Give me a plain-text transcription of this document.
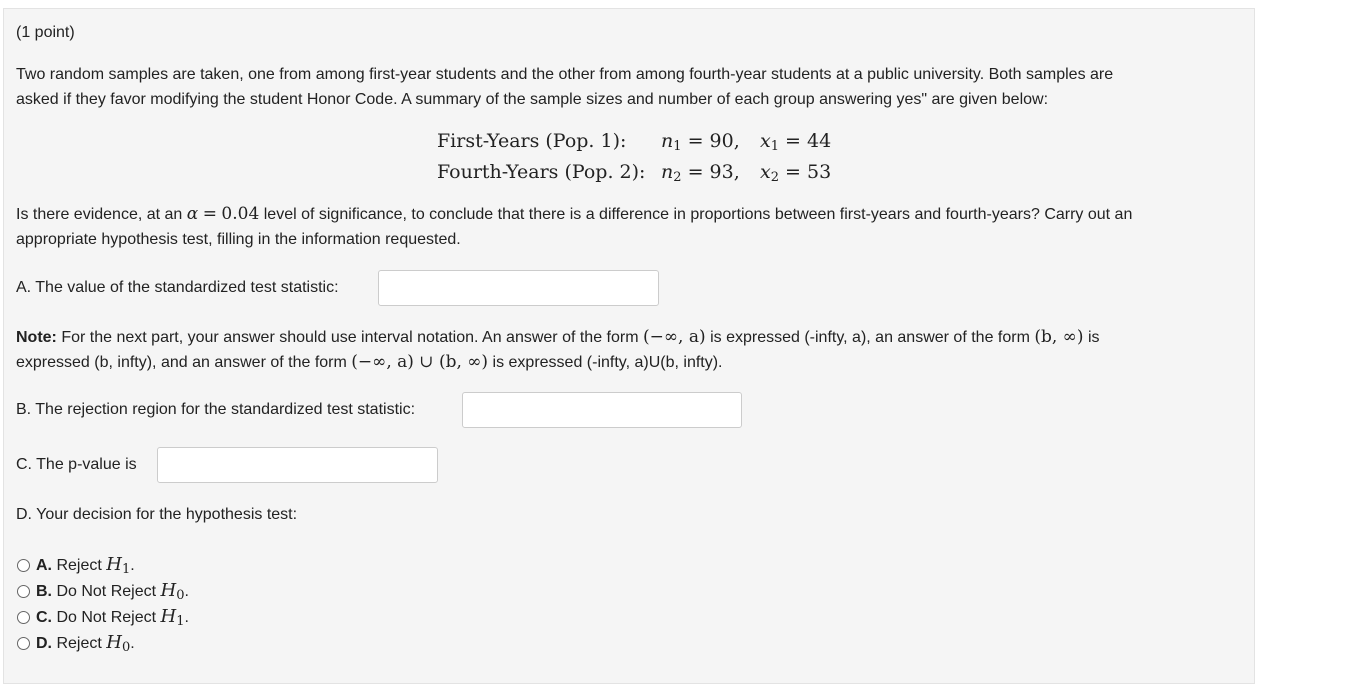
(1 point)
Two random samples are taken, one from among first-year students and the other from among fourth-year students at a public university. Both samples are
asked if they favor modifying the student Honor Code. A summary of the sample sizes and number of each group answering yes" are given below:
First-Years (Pop. 1): $n_1 = 90$, $x_1 = 44$
Fourth-Years (Pop. 2): $n_2 = 93$, $x_2 = 53$
Is there evidence, at an α = 0.04 level of significance, to conclude that there is a difference in proportions between first-years and fourth-years? Carry out an
appropriate hypothesis test, filling in the information requested.
A. The value of the standardized test statistic:
Note: For the next part, your answer should use interval notation. An answer of the form (−∞, a) is expressed (-infty, a), an answer of the form (b, ∞) is
expressed (b, infty), and an answer of the form (−∞, a) ∪ (b, ∞) is expressed (-infty, a)U(b, infty).
B. The rejection region for the standardized test statistic:
C. The p-value is
D. Your decision for the hypothesis test:
A. Reject $H_1$.
B. Do Not Reject $H_0$.
C. Do Not Reject $H_1$.
D. Reject $H_0$.
